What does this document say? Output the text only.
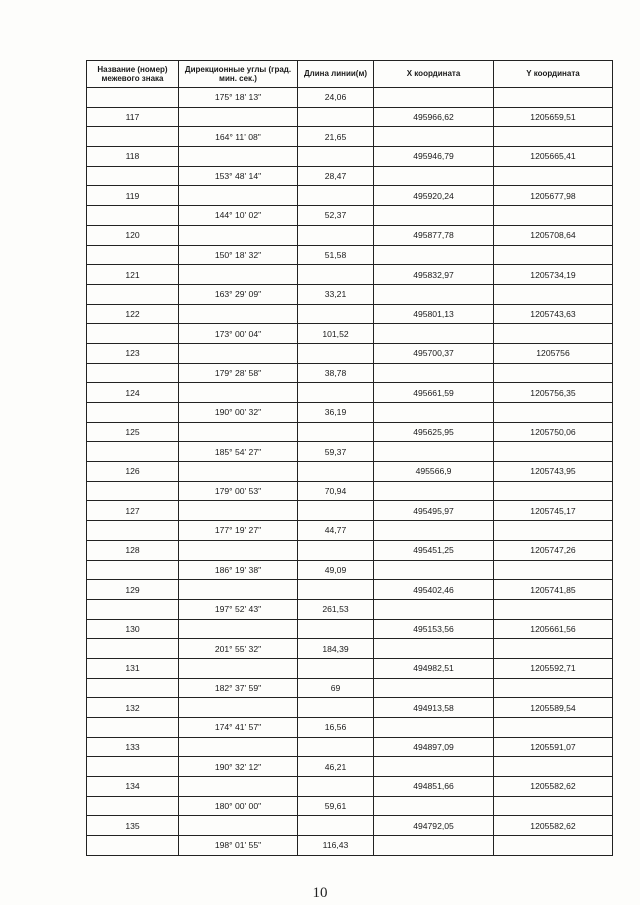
Название (номер) межевого знака	Дирекционные углы (град. мин. сек.)	Длина линии(м)	X координата	Y координата
	175° 18' 13"	24,06		
117			495966,62	1205659,51
	164° 11' 08"	21,65		
118			495946,79	1205665,41
	153° 48' 14"	28,47		
119			495920,24	1205677,98
	144° 10' 02"	52,37		
120			495877,78	1205708,64
	150° 18' 32"	51,58		
121			495832,97	1205734,19
	163° 29' 09"	33,21		
122			495801,13	1205743,63
	173° 00' 04"	101,52		
123			495700,37	1205756
	179° 28' 58"	38,78		
124			495661,59	1205756,35
	190° 00' 32"	36,19		
125			495625,95	1205750,06
	185° 54' 27"	59,37		
126			495566,9	1205743,95
	179° 00' 53"	70,94		
127			495495,97	1205745,17
	177° 19' 27"	44,77		
128			495451,25	1205747,26
	186° 19' 38"	49,09		
129			495402,46	1205741,85
	197° 52' 43"	261,53		
130			495153,56	1205661,56
	201° 55' 32"	184,39		
131			494982,51	1205592,71
	182° 37' 59"	69		
132			494913,58	1205589,54
	174° 41' 57"	16,56		
133			494897,09	1205591,07
	190° 32' 12"	46,21		
134			494851,66	1205582,62
	180° 00' 00"	59,61		
135			494792,05	1205582,62
	198° 01' 55"	116,43		
10
